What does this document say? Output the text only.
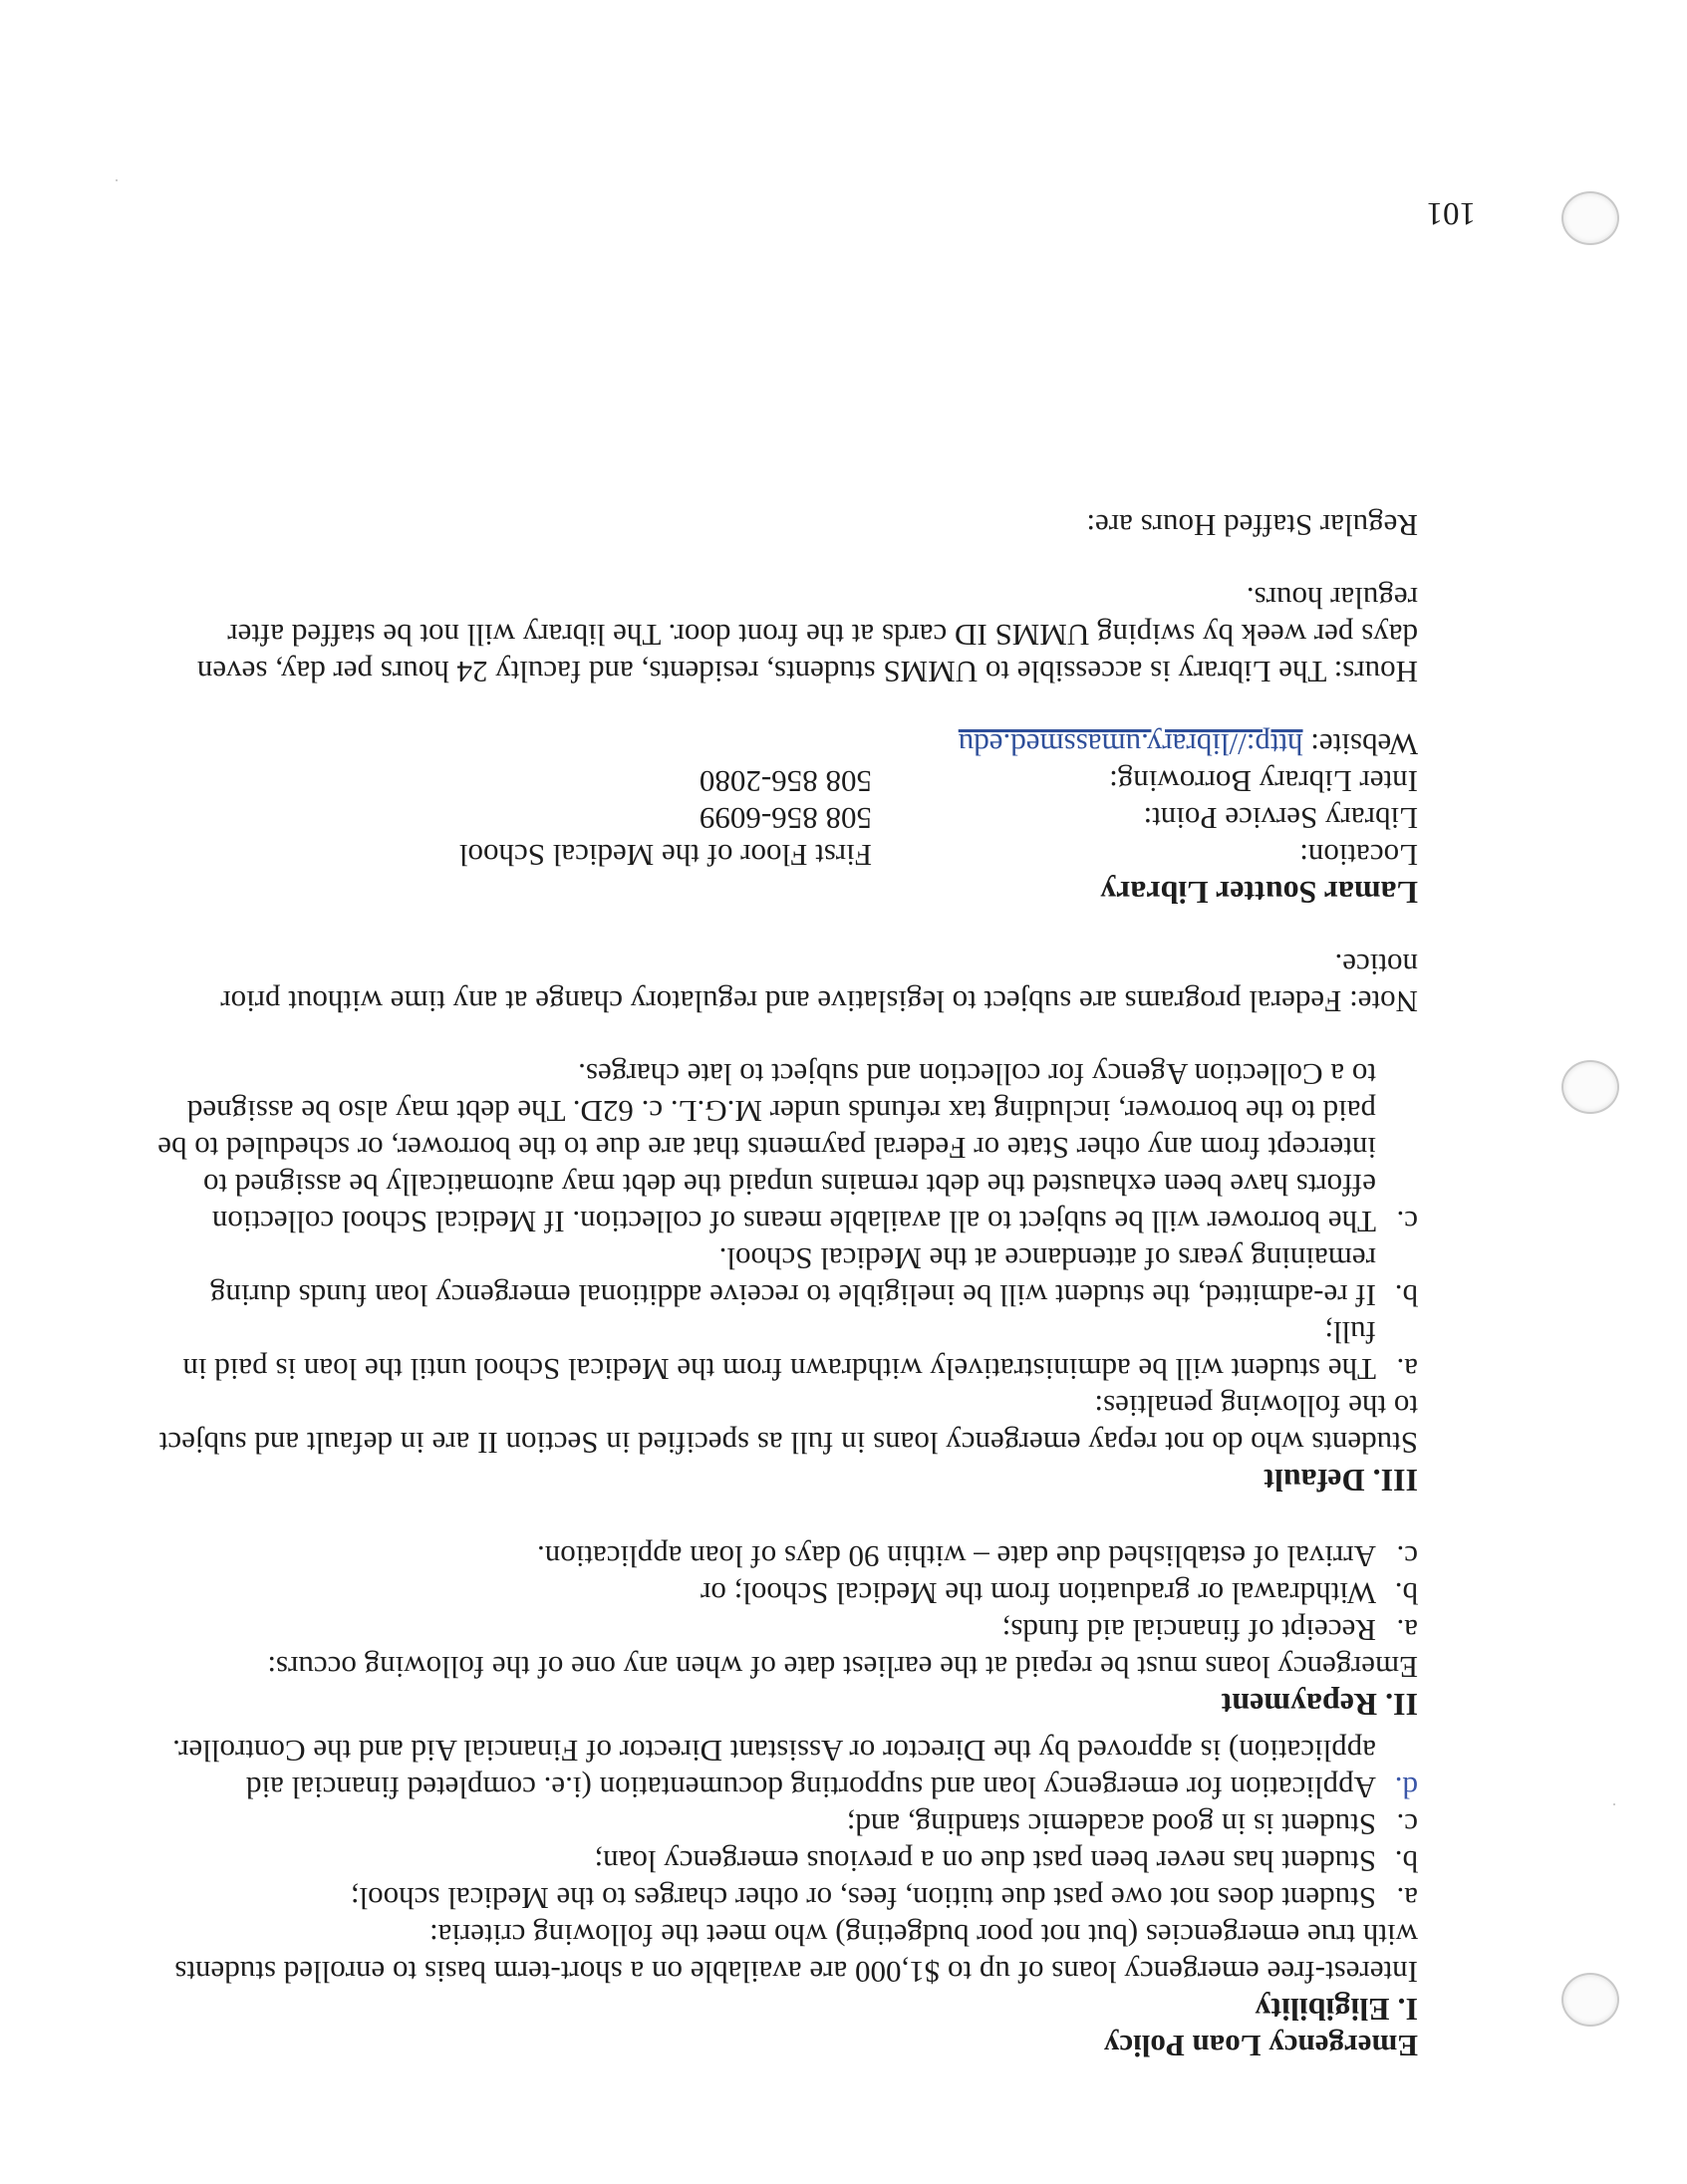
Emergency Loan Policy

I. Eligibility

Interest-free emergency loans of up to $1,000 are available on a short-term basis to enrolled students with true emergencies (but not poor budgeting) who meet the following criteria:

a.
Student does not owe past due tuition, fees, or other charges to the Medical school;
b.
Student has never been past due on a previous emergency loan;
c.
Student is in good academic standing, and;
d.
Application for emergency loan and supporting documentation (i.e. completed financial aid application) is approved by the Director or Assistant Director of Financial Aid and the Controller.

II. Repayment

Emergency loans must be repaid at the earliest date of when any one of the following occurs:

a.
Receipt of financial aid funds;
b.
Withdrawal or graduation from the Medical School; or
c.
Arrival of established due date – within 90 days of loan application.

III. Default

Students who do not repay emergency loans in full as specified in Section II are in default and subject to the following penalties:

a.
The student will be administratively withdrawn from the Medical School until the loan is paid in full;
b.
If re-admitted, the student will be ineligible to receive additional emergency loan funds during remaining years of attendance at the Medical School.
c.
The borrower will be subject to all available means of collection. If Medical School collection efforts have been exhausted the debt remains unpaid the debt may automatically be assigned to intercept from any other State or Federal payments that are due to the borrower, or scheduled to be paid to the borrower, including tax refunds under M.G.L. c. 62D. The debt may also be assigned to a Collection Agency for collection and subject to late charges.

Note: Federal programs are subject to legislative and regulatory change at any time without prior notice.

Lamar Soutter Library

Location:
First Floor of the Medical School
Library Service Point:
508 856-6099
Inter Library Borrowing:
508 856-2080
Website: http://library.umassmed.edu

Hours: The Library is accessible to UMMS students, residents, and faculty 24 hours per day, seven days per week by swiping UMMS ID cards at the front door. The library will not be staffed after regular hours.

Regular Staffed Hours are:

101
